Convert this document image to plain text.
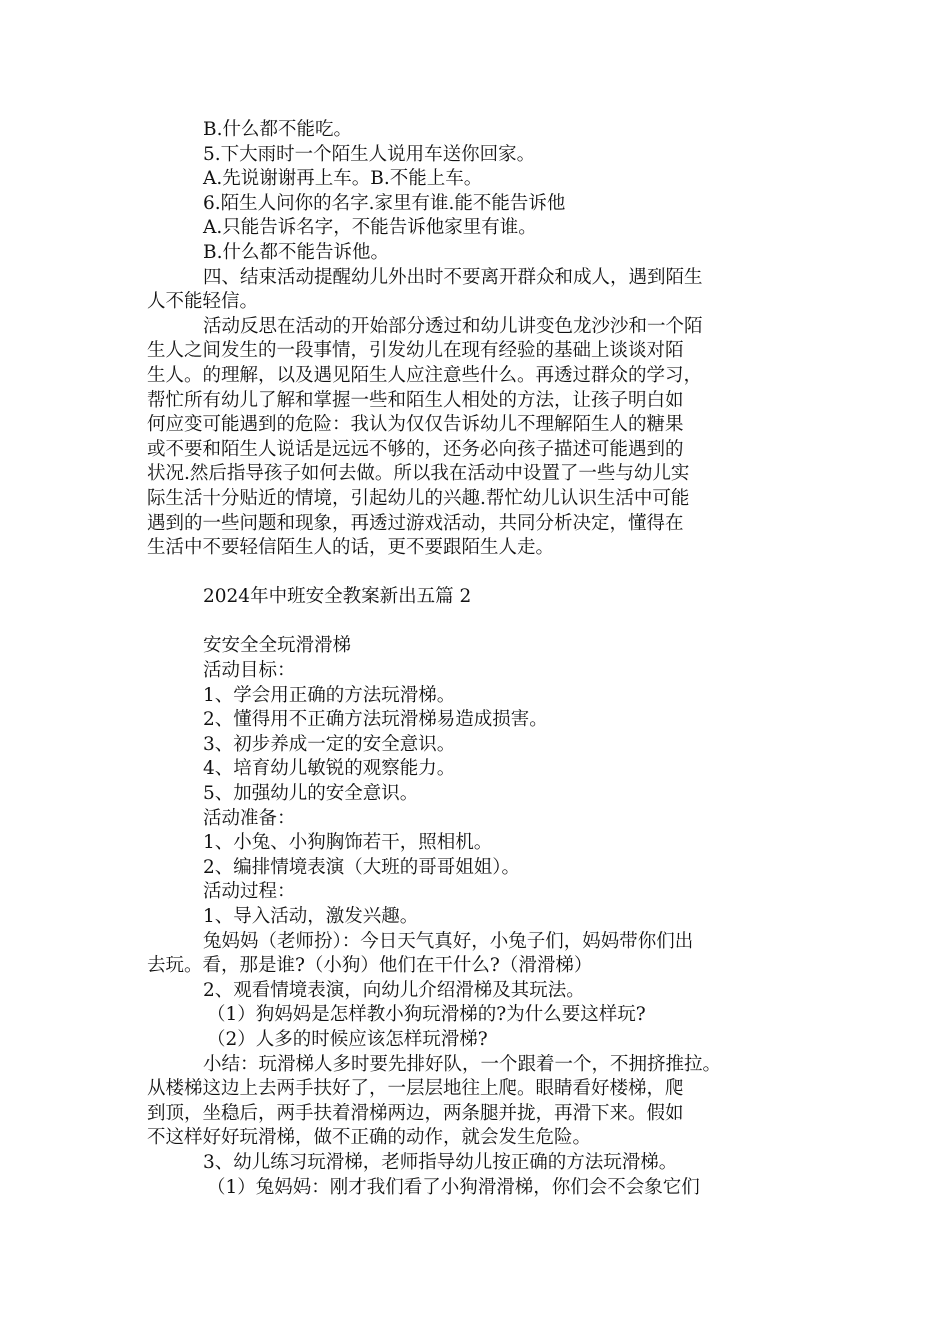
B.什么都不能吃。
5.下大雨时一个陌生人说用车送你回家。
A.先说谢谢再上车。B.不能上车。
6.陌生人问你的名字.家里有谁.能不能告诉他
A.只能告诉名字，不能告诉他家里有谁。
B.什么都不能告诉他。
四、结束活动提醒幼儿外出时不要离开群众和成人，遇到陌生
人不能轻信。
活动反思在活动的开始部分透过和幼儿讲变色龙沙沙和一个陌
生人之间发生的一段事情，引发幼儿在现有经验的基础上谈谈对陌
生人。的理解，以及遇见陌生人应注意些什么。再透过群众的学习，
帮忙所有幼儿了解和掌握一些和陌生人相处的方法，让孩子明白如
何应变可能遇到的危险：我认为仅仅告诉幼儿不理解陌生人的糖果
或不要和陌生人说话是远远不够的，还务必向孩子描述可能遇到的
状况.然后指导孩子如何去做。所以我在活动中设置了一些与幼儿实
际生活十分贴近的情境，引起幼儿的兴趣.帮忙幼儿认识生活中可能
遇到的一些问题和现象，再透过游戏活动，共同分析决定，懂得在
生活中不要轻信陌生人的话，更不要跟陌生人走。
2024年中班安全教案新出五篇 2
安安全全玩滑滑梯
活动目标：
1、学会用正确的方法玩滑梯。
2、懂得用不正确方法玩滑梯易造成损害。
3、初步养成一定的安全意识。
4、培育幼儿敏锐的观察能力。
5、加强幼儿的安全意识。
活动准备：
1、小兔、小狗胸饰若干，照相机。
2、编排情境表演（大班的哥哥姐姐）。
活动过程：
1、导入活动，激发兴趣。
兔妈妈（老师扮）：今日天气真好，小兔子们，妈妈带你们出
去玩。看，那是谁?（小狗）他们在干什么?（滑滑梯）
2、观看情境表演，向幼儿介绍滑梯及其玩法。
（1）狗妈妈是怎样教小狗玩滑梯的?为什么要这样玩?
（2）人多的时候应该怎样玩滑梯?
小结：玩滑梯人多时要先排好队，一个跟着一个，不拥挤推拉。
从楼梯这边上去两手扶好了，一层层地往上爬。眼睛看好楼梯，爬
到顶，坐稳后，两手扶着滑梯两边，两条腿并拢，再滑下来。假如
不这样好好玩滑梯，做不正确的动作，就会发生危险。
3、幼儿练习玩滑梯，老师指导幼儿按正确的方法玩滑梯。
（1）兔妈妈：刚才我们看了小狗滑滑梯，你们会不会象它们
